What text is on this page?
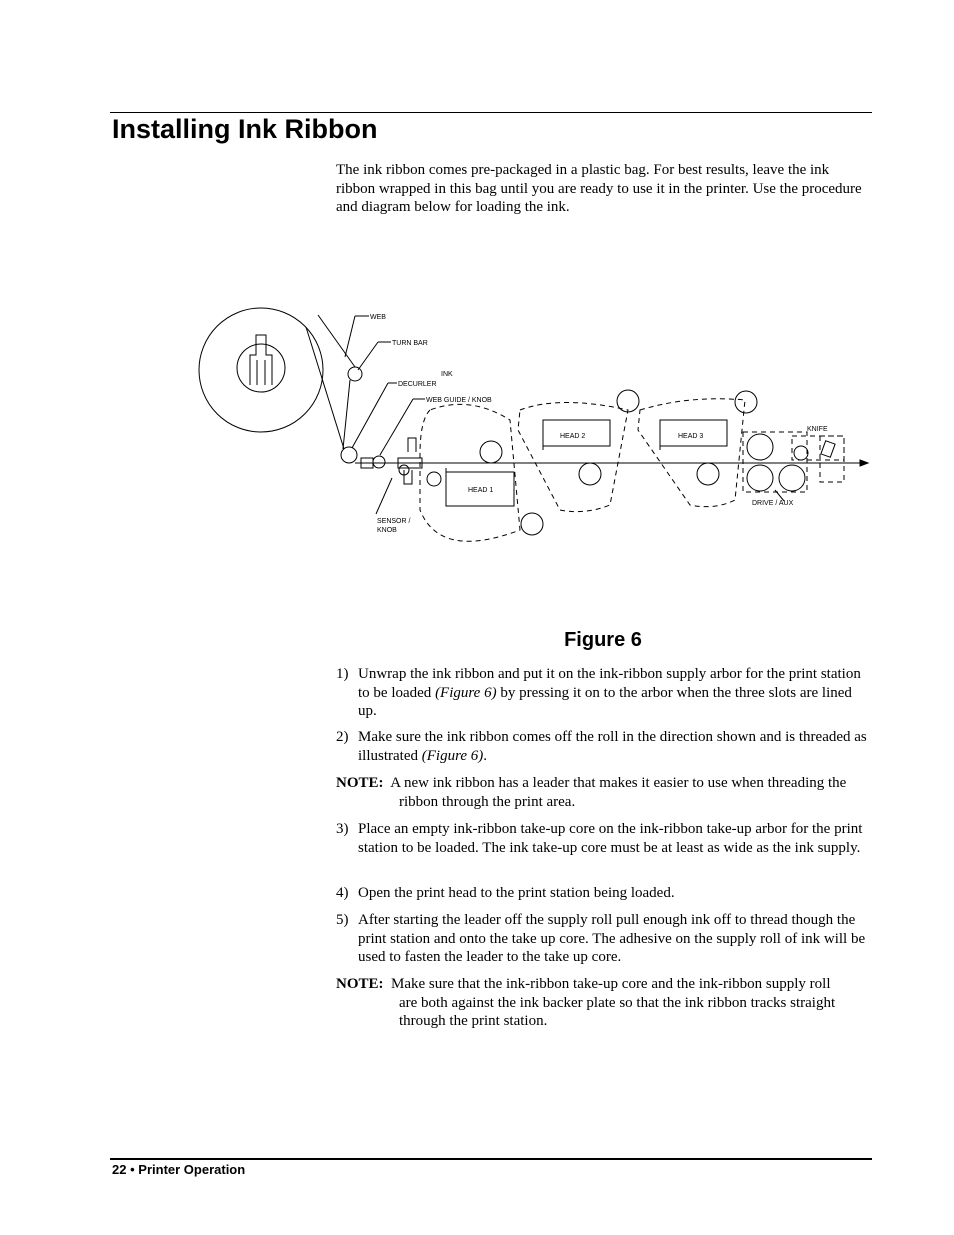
Installing Ink Ribbon

The ink ribbon comes pre-packaged in a plastic bag. For best results, leave the ink ribbon wrapped in this bag until you are ready to use it in the printer. Use the procedure and diagram below for loading the ink.

WEB
TURN BAR
INK
DECURLER
WEB GUIDE / KNOB
HEAD 2	HEAD 3
KNIFE
HEAD 1
DRIVE / AUX
SENSOR /
KNOB

Figure 6

1) Unwrap the ink ribbon and put it on the ink-ribbon supply arbor for the print station to be loaded (Figure 6) by pressing it on to the arbor when the three slots are lined up.
2) Make sure the ink ribbon comes off the roll in the direction shown and is threaded as illustrated (Figure 6).
NOTE: A new ink ribbon has a leader that makes it easier to use when threading the
ribbon through the print area.
3) Place an empty ink-ribbon take-up core on the ink-ribbon take-up arbor for the print station to be loaded. The ink take-up core must be at least as wide as the ink supply.
4) Open the print head to the print station being loaded.
5) After starting the leader off the supply roll pull enough ink off to thread though the print station and onto the take up core. The adhesive on the supply roll of ink will be used to fasten the leader to the take up core.
NOTE: Make sure that the ink-ribbon take-up core and the ink-ribbon supply roll
are both against the ink backer plate so that the ink ribbon tracks straight through the print station.
22 • Printer Operation
